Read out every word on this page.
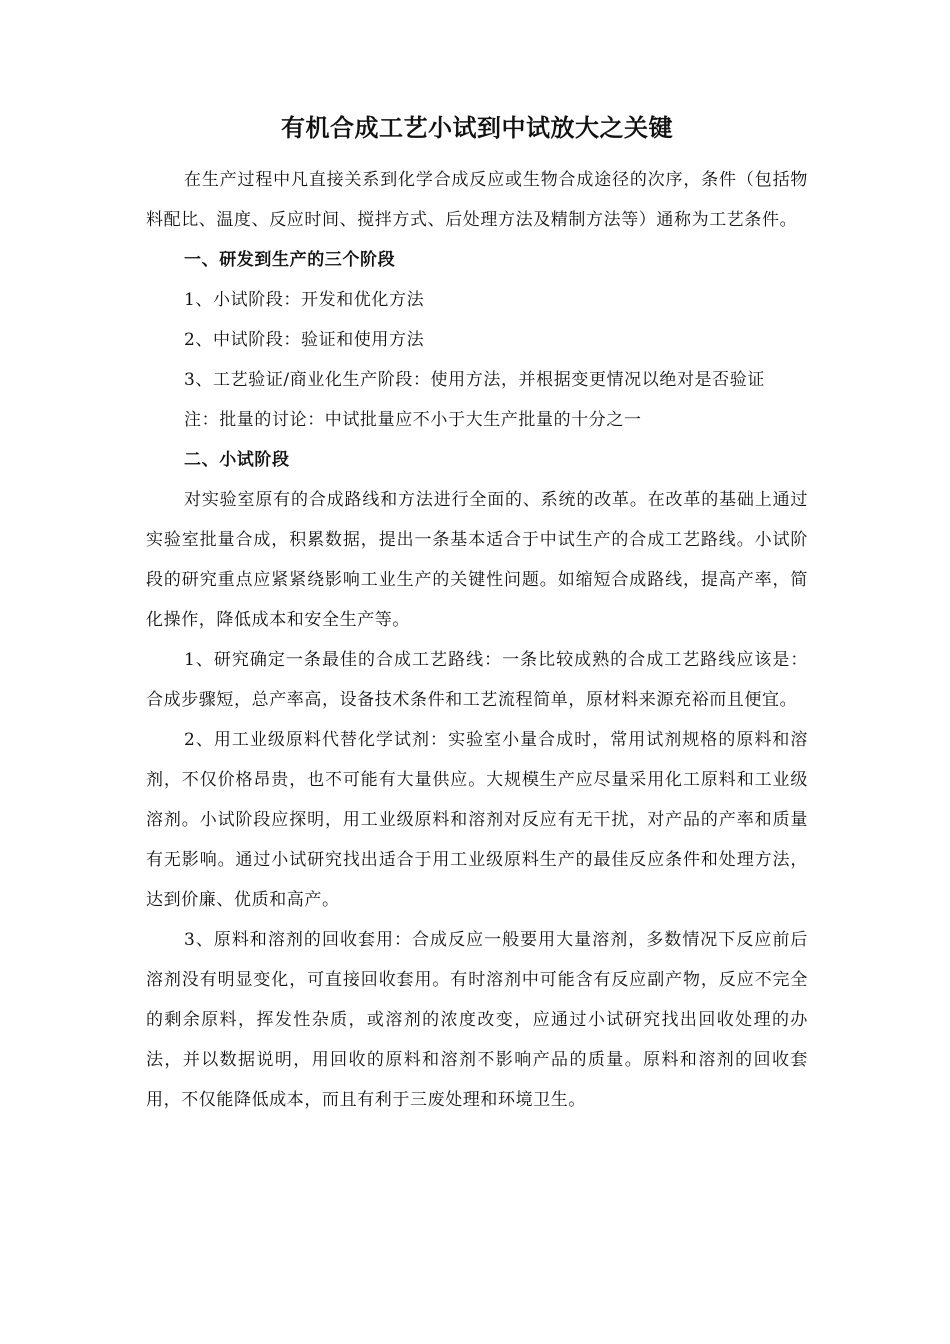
有机合成工艺小试到中试放大之关键

在生产过程中凡直接关系到化学合成反应或生物合成途径的次序，条件（包括物料配比、温度、反应时间、搅拌方式、后处理方法及精制方法等）通称为工艺条件。

一、研发到生产的三个阶段

1、小试阶段：开发和优化方法

2、中试阶段：验证和使用方法

3、工艺验证/商业化生产阶段：使用方法，并根据变更情况以绝对是否验证

注：批量的讨论：中试批量应不小于大生产批量的十分之一

二、小试阶段

对实验室原有的合成路线和方法进行全面的、系统的改革。在改革的基础上通过实验室批量合成，积累数据，提出一条基本适合于中试生产的合成工艺路线。小试阶段的研究重点应紧紧绕影响工业生产的关键性问题。如缩短合成路线，提高产率，简化操作，降低成本和安全生产等。

1、研究确定一条最佳的合成工艺路线：一条比较成熟的合成工艺路线应该是：合成步骤短，总产率高，设备技术条件和工艺流程简单，原材料来源充裕而且便宜。

2、用工业级原料代替化学试剂：实验室小量合成时，常用试剂规格的原料和溶剂，不仅价格昂贵，也不可能有大量供应。大规模生产应尽量采用化工原料和工业级溶剂。小试阶段应探明，用工业级原料和溶剂对反应有无干扰，对产品的产率和质量有无影响。通过小试研究找出适合于用工业级原料生产的最佳反应条件和处理方法，达到价廉、优质和高产。

3、原料和溶剂的回收套用：合成反应一般要用大量溶剂，多数情况下反应前后溶剂没有明显变化，可直接回收套用。有时溶剂中可能含有反应副产物，反应不完全的剩余原料，挥发性杂质，或溶剂的浓度改变，应通过小试研究找出回收处理的办法，并以数据说明，用回收的原料和溶剂不影响产品的质量。原料和溶剂的回收套用，不仅能降低成本，而且有利于三废处理和环境卫生。
